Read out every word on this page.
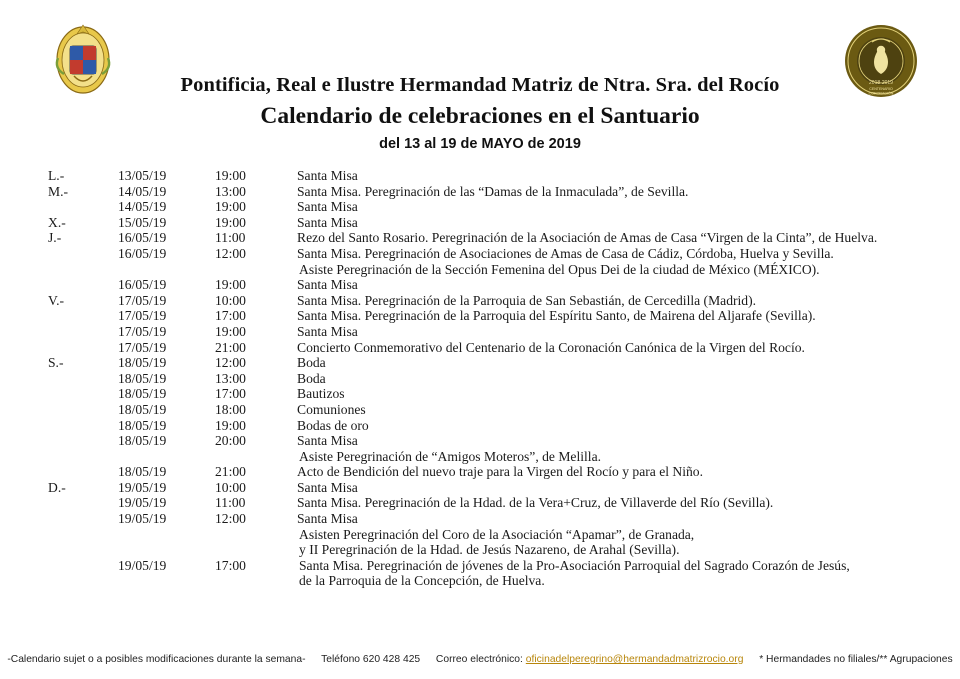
2018-2019
CENTENARIO
CORONACIÓN
Pontificia, Real e Ilustre Hermandad Matriz de Ntra. Sra. del Rocío
Calendario de celebraciones en el Santuario
del 13 al 19 de MAYO de 2019
L.-	13/05/19	19:00	Santa Misa
M.-	14/05/19	13:00	Santa Misa. Peregrinación de las “Damas de la Inmaculada”, de Sevilla.
	14/05/19	19:00	Santa Misa
X.-	15/05/19	19:00	Santa Misa
J.-	16/05/19	11:00	Rezo del Santo Rosario. Peregrinación de la Asociación de Amas de Casa “Virgen de la Cinta”, de Huelva.
	16/05/19	12:00	Santa Misa. Peregrinación de Asociaciones de Amas de Casa de Cádiz, Córdoba, Huelva y Sevilla.
			Asiste Peregrinación de la Sección Femenina del Opus Dei de la ciudad de México (MÉXICO).
	16/05/19	19:00	Santa Misa
V.-	17/05/19	10:00	Santa Misa. Peregrinación de la Parroquia de San Sebastián, de Cercedilla (Madrid).
	17/05/19	17:00	Santa Misa. Peregrinación de la Parroquia del Espíritu Santo, de Mairena del Aljarafe (Sevilla).
	17/05/19	19:00	Santa Misa
	17/05/19	21:00	Concierto Conmemorativo del Centenario de la Coronación Canónica de la Virgen del Rocío.
S.-	18/05/19	12:00	Boda
	18/05/19	13:00	Boda
	18/05/19	17:00	Bautizos
	18/05/19	18:00	Comuniones
	18/05/19	19:00	Bodas de oro
	18/05/19	20:00	Santa Misa
			Asiste Peregrinación de “Amigos Moteros”, de Melilla.
	18/05/19	21:00	Acto de Bendición del nuevo traje para la Virgen del Rocío y para el Niño.
D.-	19/05/19	10:00	Santa Misa
	19/05/19	11:00	Santa Misa. Peregrinación de la Hdad. de la Vera+Cruz, de Villaverde del Río (Sevilla).
	19/05/19	12:00	Santa Misa
			Asisten Peregrinación del Coro de la Asociación “Apamar”, de Granada,
			y II Peregrinación de la Hdad. de Jesús Nazareno, de Arahal (Sevilla).
	19/05/19	17:00	Santa Misa. Peregrinación de jóvenes de la Pro-Asociación Parroquial del Sagrado Corazón de Jesús,
			de la Parroquia de la Concepción, de Huelva.
-Calendario sujet o a posibles modificaciones durante la semana- Teléfono 620 428 425 Correo electrónico: oficinadelperegrino@hermandadmatrizrocio.org * Hermandades no filiales/** Agrupaciones
